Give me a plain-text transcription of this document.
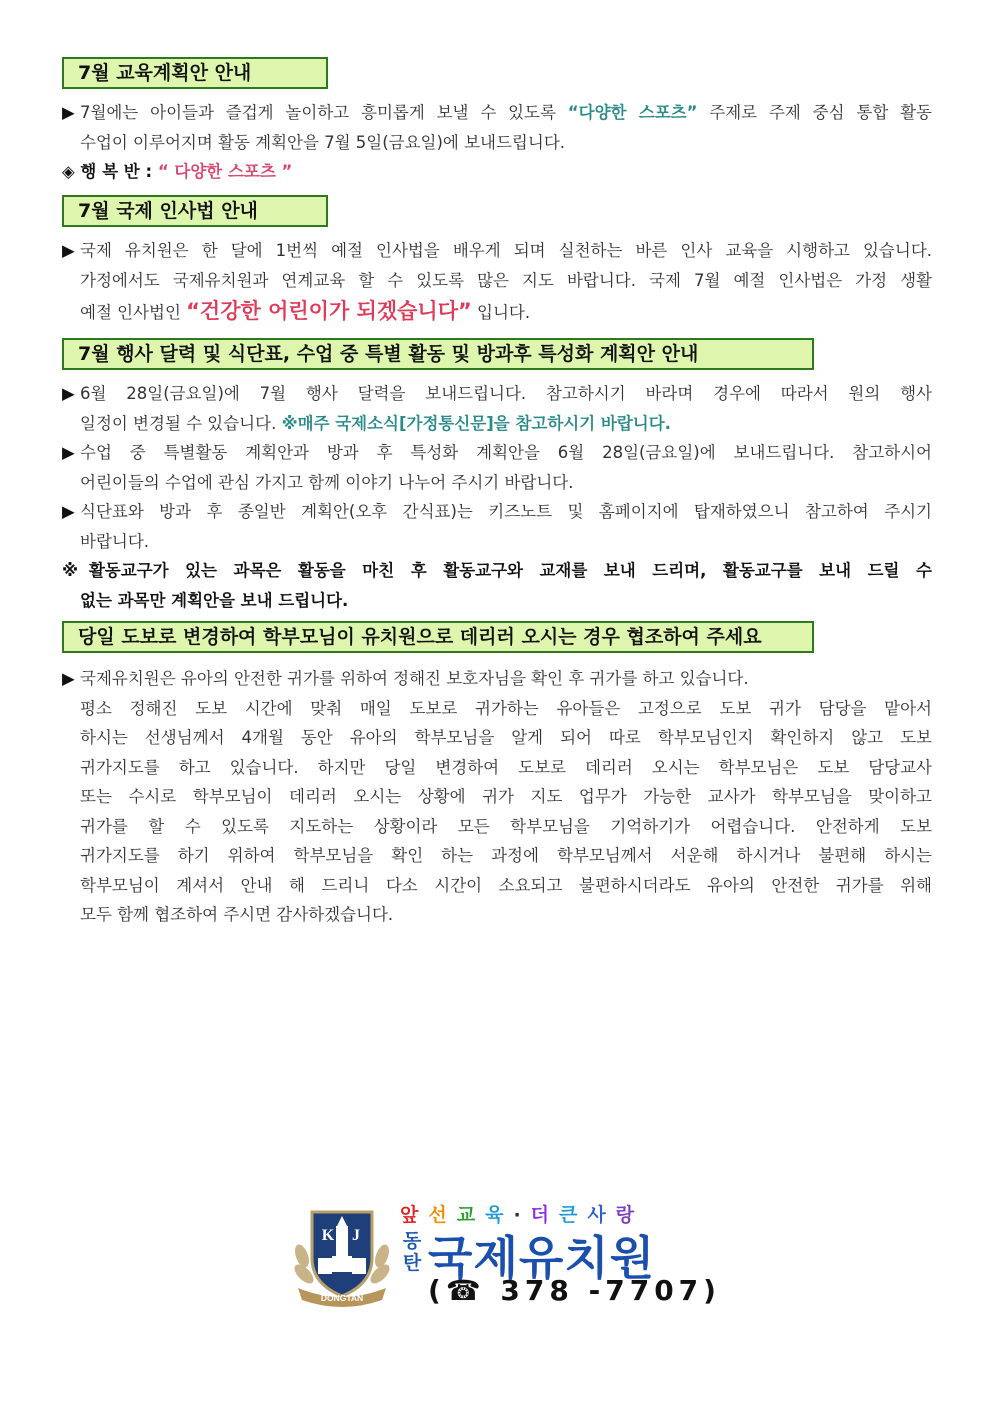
7월 교육계획안 안내
▶ 7월에는 아이들과 즐겁게 놀이하고 흥미롭게 보낼 수 있도록 “다양한 스포츠” 주제로 주제 중심 통합 활동
수업이 이루어지며 활동 계획안을 7월 5일(금요일)에 보내드립니다.
◈ 행 복 반 : “ 다양한 스포츠 ”
7월 국제 인사법 안내
▶ 국제 유치원은 한 달에 1번씩 예절 인사법을 배우게 되며 실천하는 바른 인사 교육을 시행하고 있습니다.
가정에서도 국제유치원과 연계교육 할 수 있도록 많은 지도 바랍니다. 국제 7월 예절 인사법은 가정 생활
예절 인사법인 “건강한 어린이가 되겠습니다” 입니다.
7월 행사 달력 및 식단표, 수업 중 특별 활동 및 방과후 특성화 계획안 안내
▶ 6월 28일(금요일)에 7월 행사 달력을 보내드립니다. 참고하시기 바라며 경우에 따라서 원의 행사
일정이 변경될 수 있습니다. ※매주 국제소식[가정통신문]을 참고하시기 바랍니다.
▶ 수업 중 특별활동 계획안과 방과 후 특성화 계획안을 6월 28일(금요일)에 보내드립니다. 참고하시어
어린이들의 수업에 관심 가지고 함께 이야기 나누어 주시기 바랍니다.
▶ 식단표와 방과 후 종일반 계획안(오후 간식표)는 키즈노트 및 홈페이지에 탑재하였으니 참고하여 주시기
바랍니다.
※활동교구가 있는 과목은 활동을 마친 후 활동교구와 교재를 보내 드리며, 활동교구를 보내 드릴 수
없는 과목만 계획안을 보내 드립니다.
당일 도보로 변경하여 학부모님이 유치원으로 데리러 오시는 경우 협조하여 주세요
▶ 국제유치원은 유아의 안전한 귀가를 위하여 정해진 보호자님을 확인 후 귀가를 하고 있습니다.
평소 정해진 도보 시간에 맞춰 매일 도보로 귀가하는 유아들은 고정으로 도보 귀가 담당을 맡아서
하시는 선생님께서 4개월 동안 유아의 학부모님을 알게 되어 따로 학부모님인지 확인하지 않고 도보
귀가지도를 하고 있습니다. 하지만 당일 변경하여 도보로 데리러 오시는 학부모님은 도보 담당교사
또는 수시로 학부모님이 데리러 오시는 상황에 귀가 지도 업무가 가능한 교사가 학부모님을 맞이하고
귀가를 할 수 있도록 지도하는 상황이라 모든 학부모님을 기억하기가 어렵습니다. 안전하게 도보
귀가지도를 하기 위하여 학부모님을 확인 하는 과정에 학부모님께서 서운해 하시거나 불편해 하시는
학부모님이 계셔서 안내 해 드리니 다소 시간이 소요되고 불편하시더라도 유아의 안전한 귀가를 위해
모두 함께 협조하여 주시면 감사하겠습니다.
K J
DONGTAN
앞 선 교 육 · 더 큰 사 랑
동탄 국제유치원
(☎ 378 -7707)
